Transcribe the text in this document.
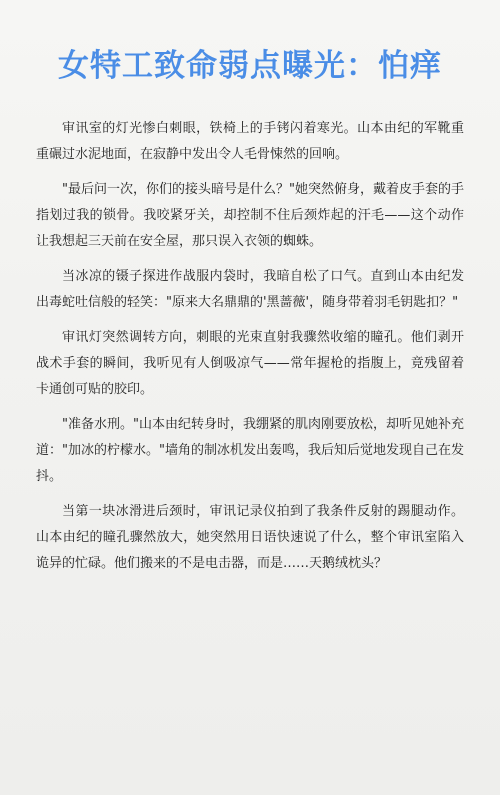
女特工致命弱点曝光：怕痒

审讯室的灯光惨白刺眼，铁椅上的手铐闪着寒光。山本由纪的军靴重重碾过水泥地面，在寂静中发出令人毛骨悚然的回响。

"最后问一次，你们的接头暗号是什么？"她突然俯身，戴着皮手套的手指划过我的锁骨。我咬紧牙关，却控制不住后颈炸起的汗毛——这个动作让我想起三天前在安全屋，那只误入衣领的蜘蛛。

当冰凉的镊子探进作战服内袋时，我暗自松了口气。直到山本由纪发出毒蛇吐信般的轻笑："原来大名鼎鼎的'黑蔷薇'，随身带着羽毛钥匙扣？"

审讯灯突然调转方向，刺眼的光束直射我骤然收缩的瞳孔。他们剥开战术手套的瞬间，我听见有人倒吸凉气——常年握枪的指腹上，竟残留着卡通创可贴的胶印。

"准备水刑。"山本由纪转身时，我绷紧的肌肉刚要放松，却听见她补充道："加冰的柠檬水。"墙角的制冰机发出轰鸣，我后知后觉地发现自己在发抖。

当第一块冰滑进后颈时，审讯记录仪拍到了我条件反射的踢腿动作。山本由纪的瞳孔骤然放大，她突然用日语快速说了什么，整个审讯室陷入诡异的忙碌。他们搬来的不是电击器，而是……天鹅绒枕头？
